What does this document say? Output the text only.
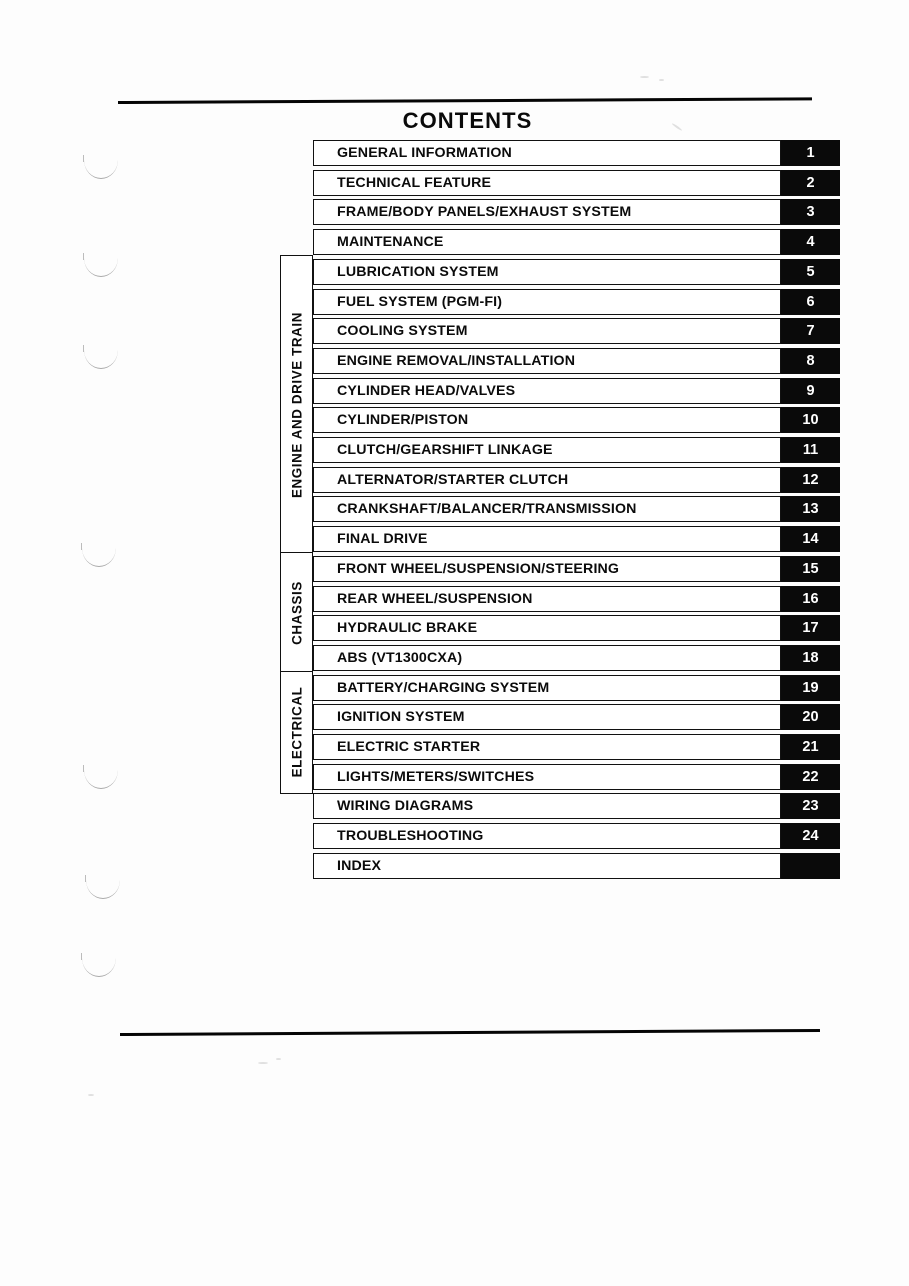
CONTENTS
GENERAL INFORMATION	1
TECHNICAL FEATURE	2
FRAME/BODY PANELS/EXHAUST SYSTEM	3
MAINTENANCE	4
LUBRICATION SYSTEM	5
FUEL SYSTEM (PGM-FI)	6
COOLING SYSTEM	7
ENGINE REMOVAL/INSTALLATION	8
CYLINDER HEAD/VALVES	9
CYLINDER/PISTON	10
CLUTCH/GEARSHIFT LINKAGE	11
ALTERNATOR/STARTER CLUTCH	12
CRANKSHAFT/BALANCER/TRANSMISSION	13
FINAL DRIVE	14
FRONT WHEEL/SUSPENSION/STEERING	15
REAR WHEEL/SUSPENSION	16
HYDRAULIC BRAKE	17
ABS (VT1300CXA)	18
BATTERY/CHARGING SYSTEM	19
IGNITION SYSTEM	20
ELECTRIC STARTER	21
LIGHTS/METERS/SWITCHES	22
WIRING DIAGRAMS	23
TROUBLESHOOTING	24
INDEX
ENGINE AND DRIVE TRAIN
CHASSIS
ELECTRICAL
